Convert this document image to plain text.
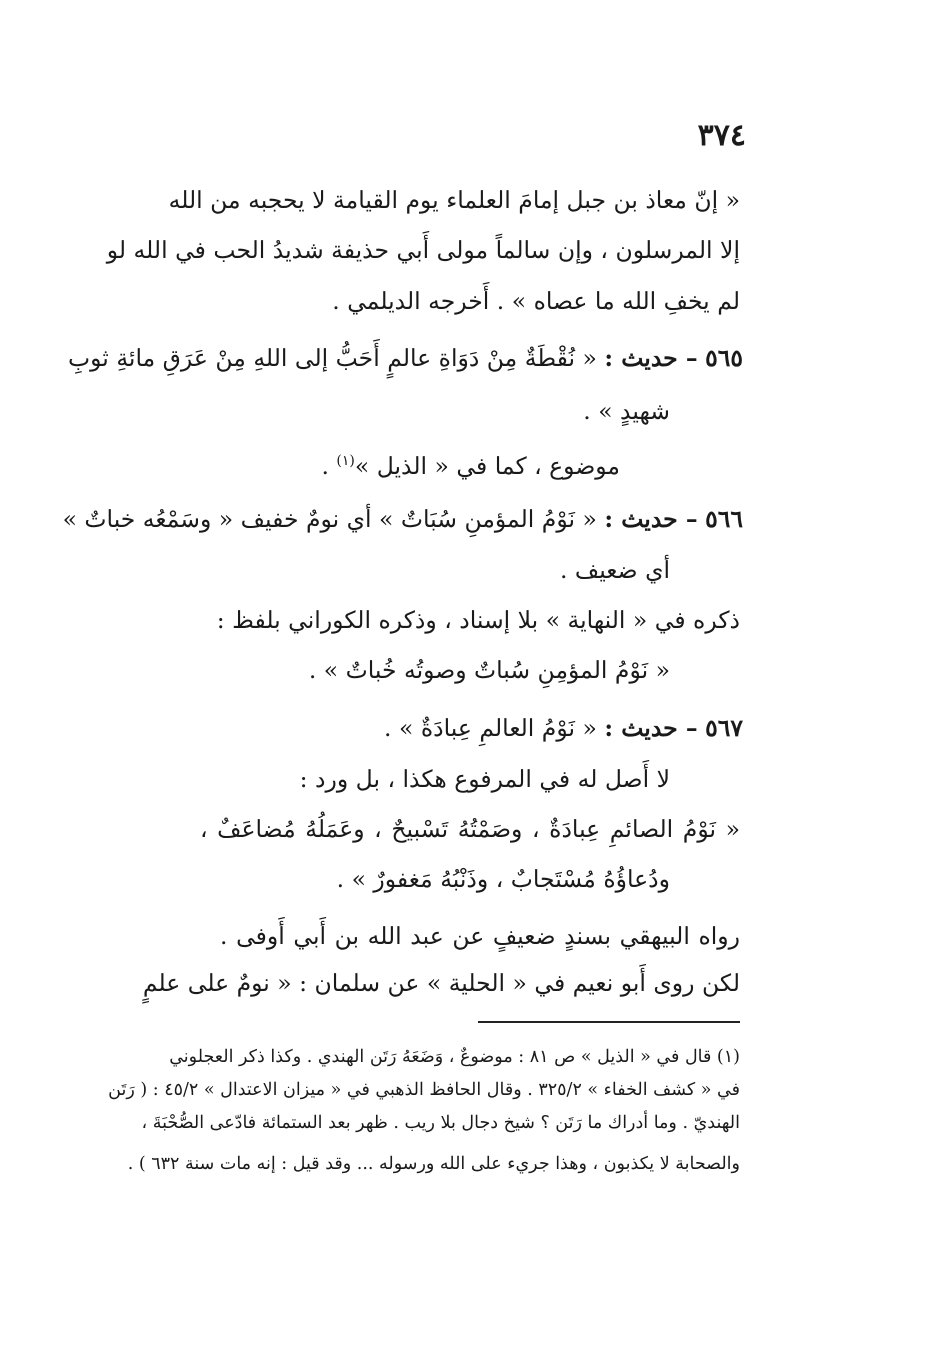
٣٧٤
« إنّ معاذ بن جبل إمامَ العلماء يوم القيامة لا يحجبه من الله
إلا المرسلون ، وإن سالماً مولى أَبي حذيفة شديدُ الحب في الله لو
لم يخفِ الله ما عصاه » . أَخرجه الديلمي .
٥٦٥ – حديث : « نُقْطَةٌ مِنْ دَوَاةِ عالمٍ أَحَبُّ إلى اللهِ مِنْ عَرَقِ مائةِ ثوبِ
شهيدٍ » .
موضوع ، كما في « الذيل »$^{(١)}$ .
٥٦٦ – حديث : « نَوْمُ المؤمنِ سُبَاتٌ » أي نومٌ خفيف « وسَمْعُه خباتٌ »
أي ضعيف .
ذكره في « النهاية » بلا إسناد ، وذكره الكوراني بلفظ :
« نَوْمُ المؤمِنِ سُباتٌ وصوتُه خُباتٌ » .
٥٦٧ – حديث : « نَوْمُ العالمِ عِبادَةٌ » .
لا أَصل له في المرفوع هكذا ، بل ورد :
« نَوْمُ الصائمِ عِبادَةٌ ، وصَمْتُهُ تَسْبيحٌ ، وعَمَلُهُ مُضاعَفٌ ،
ودُعاؤُهُ مُسْتَجابٌ ، وذَنْبُهُ مَغفورٌ » .
رواه البيهقي بسندٍ ضعيفٍ عن عبد الله بن أَبي أَوفى .
لكن روى أَبو نعيم في « الحلية » عن سلمان : « نومٌ على علمٍ
(١) قال في « الذيل » ص ٨١ : موضوعٌ ، وَضَعَهُ رَتَن الهندي . وكذا ذكر العجلوني
في « كشف الخفاء » ٣٢٥/٢ . وقال الحافظ الذهبي في « ميزان الاعتدال » ٤٥/٢ : ( رَتَن
الهنديّ . وما أدراك ما رَتَن ؟ شيخ دجال بلا ريب . ظهر بعد الستمائة فادّعى الصُّحْبَةَ ،
والصحابة لا يكذبون ، وهذا جريء على الله ورسوله ... وقد قيل : إنه مات سنة ٦٣٢ ) .
